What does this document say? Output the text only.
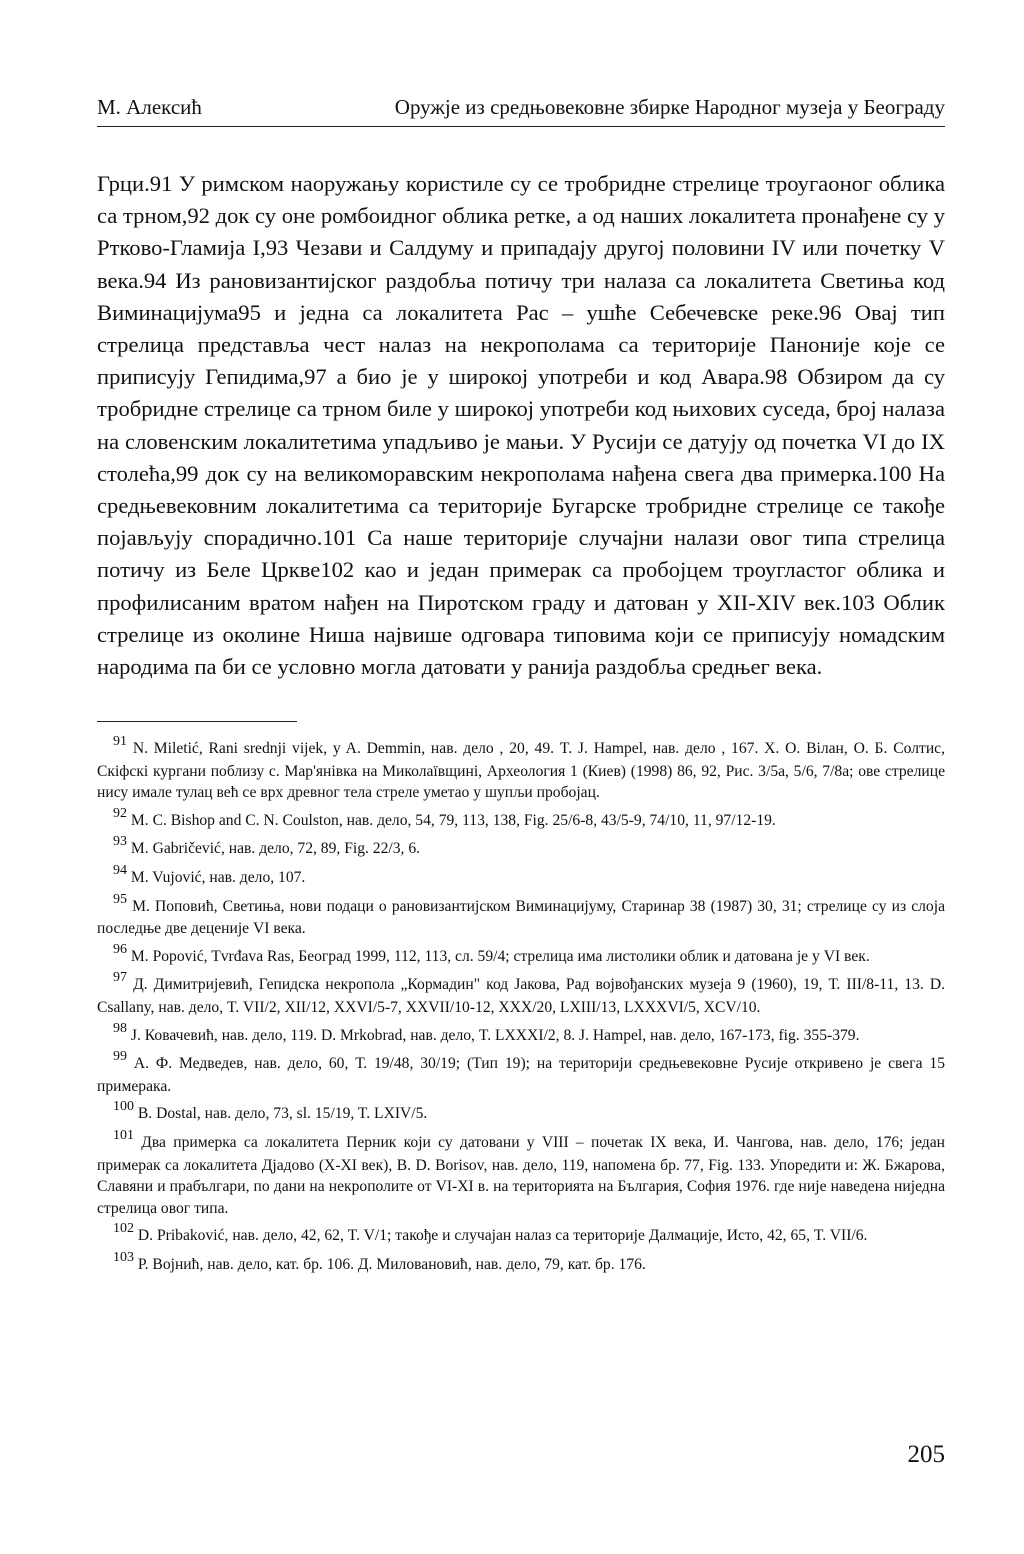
М. Алексић	Оружје из средњовековне збирке Народног музеја у Београду

Грци.91 У римском наоружању користиле су се тробридне стрелице троугаоног облика са трном,92 док су оне ромбоидног облика ретке, а од наших локалитета пронађене су у Ртково-Гламија I,93 Чезави и Салдуму и припадају другој половини IV или почетку V века.94 Из рановизантијског раздобља потичу три налаза са локалитета Светиња код Виминацијума95 и једна са локалитета Рас – ушће Себечевске реке.96 Овај тип стрелица представља чест налаз на некрополама са територије Панонијe које се приписују Гепидима,97 а био је у широкој употреби и код Авара.98 Обзиром да су тробридне стрелице са трном биле у широкој употреби код њихових суседа, број налаза на словенским локалитетима упадљиво је мањи. У Русији се датују од почетка VI до IX столећа,99 док су на великоморавским некрополама нађена свега два примерка.100 На средњевековним локалитетима са територије Бугарске тробридне стрелице се такође појављују спорадично.101 Са наше територије случајни налази овог типа стрелица потичу из Беле Цркве102 као и један примерак са пробојцем троугластог облика и профилисаним вратом нађен на Пиротском граду и датован у XII-XIV век.103 Облик стрелице из околине Ниша највише одговара типовима који се приписују номадским народима па би се условно могла датовати у ранија раздобља средњег века.

91 N. Miletić, Rani srednji vijek, y A. Demmin, нав. дело , 20, 49. T. J. Hampel, нав. дело , 167. X. O. Вілан, О. Б. Солтис, Скіфскі кургани поблизу с. Мар'янівка на Миколаївщині, Археология 1 (Киев) (1998) 86, 92, Рис. 3/5а, 5/6, 7/8а; ове стрелице нису имале тулац већ се врх древног тела стреле уметао у шупљи пробојац.

92 M. C. Bishop and C. N. Coulston, нав. дело, 54, 79, 113, 138, Fig. 25/6-8, 43/5-9, 74/10, 11, 97/12-19.

93 M. Gabričević, нав. дело, 72, 89, Fig. 22/3, 6.

94 M. Vujović, нав. дело, 107.

95 М. Поповић, Светиња, нови подаци о рановизантијском Виминацијуму, Старинар 38 (1987) 30, 31; стрелице су из слоја последње две деценије VI века.

96 M. Popović, Tvrđava Ras, Београд 1999, 112, 113, сл. 59/4; стрелица има листолики облик и датована је у VI век.

97 Д. Димитријевић, Гепидска некропола „Кормадин" код Јакова, Рад војвођанских музеја 9 (1960), 19, Т. III/8-11, 13. D. Csallany, нав. дело, T. VII/2, XII/12, XXVI/5-7, XXVII/10-12, XXX/20, LXIII/13, LXXXVI/5, XCV/10.

98 J. Ковачевић, нав. дело, 119. D. Mrkobrad, нав. дело, T. LXXXI/2, 8. J. Hampel, нав. дело, 167-173, fig. 355-379.

99 А. Ф. Медведев, нав. дело, 60, Т. 19/48, 30/19; (Тип 19); на територији средњевековне Русије откривено је свега 15 примерака.

100 B. Dostal, нав. дело, 73, sl. 15/19, T. LXIV/5.

101 Два примерка са локалитета Перник који су датовани у VIII – почетак IX века, И. Чангова, нав. дело, 176; један примерак са локалитета Дјадово (X-XI век), B. D. Borisov, нав. дело, 119, напомена бр. 77, Fig. 133. Упоредити и: Ж. Бжарова, Славяни и прабългари, по дани на некрополите от VI-XI в. на територията на България, София 1976. где није наведена ниједна стрелица овог типа.

102 D. Pribaković, нав. дело, 42, 62, T. V/1; такође и случајан налаз са територије Далмације, Исто, 42, 65, T. VII/6.

103 Р. Војнић, нав. дело, кат. бр. 106. Д. Миловановић, нав. дело, 79, кат. бр. 176.

205
